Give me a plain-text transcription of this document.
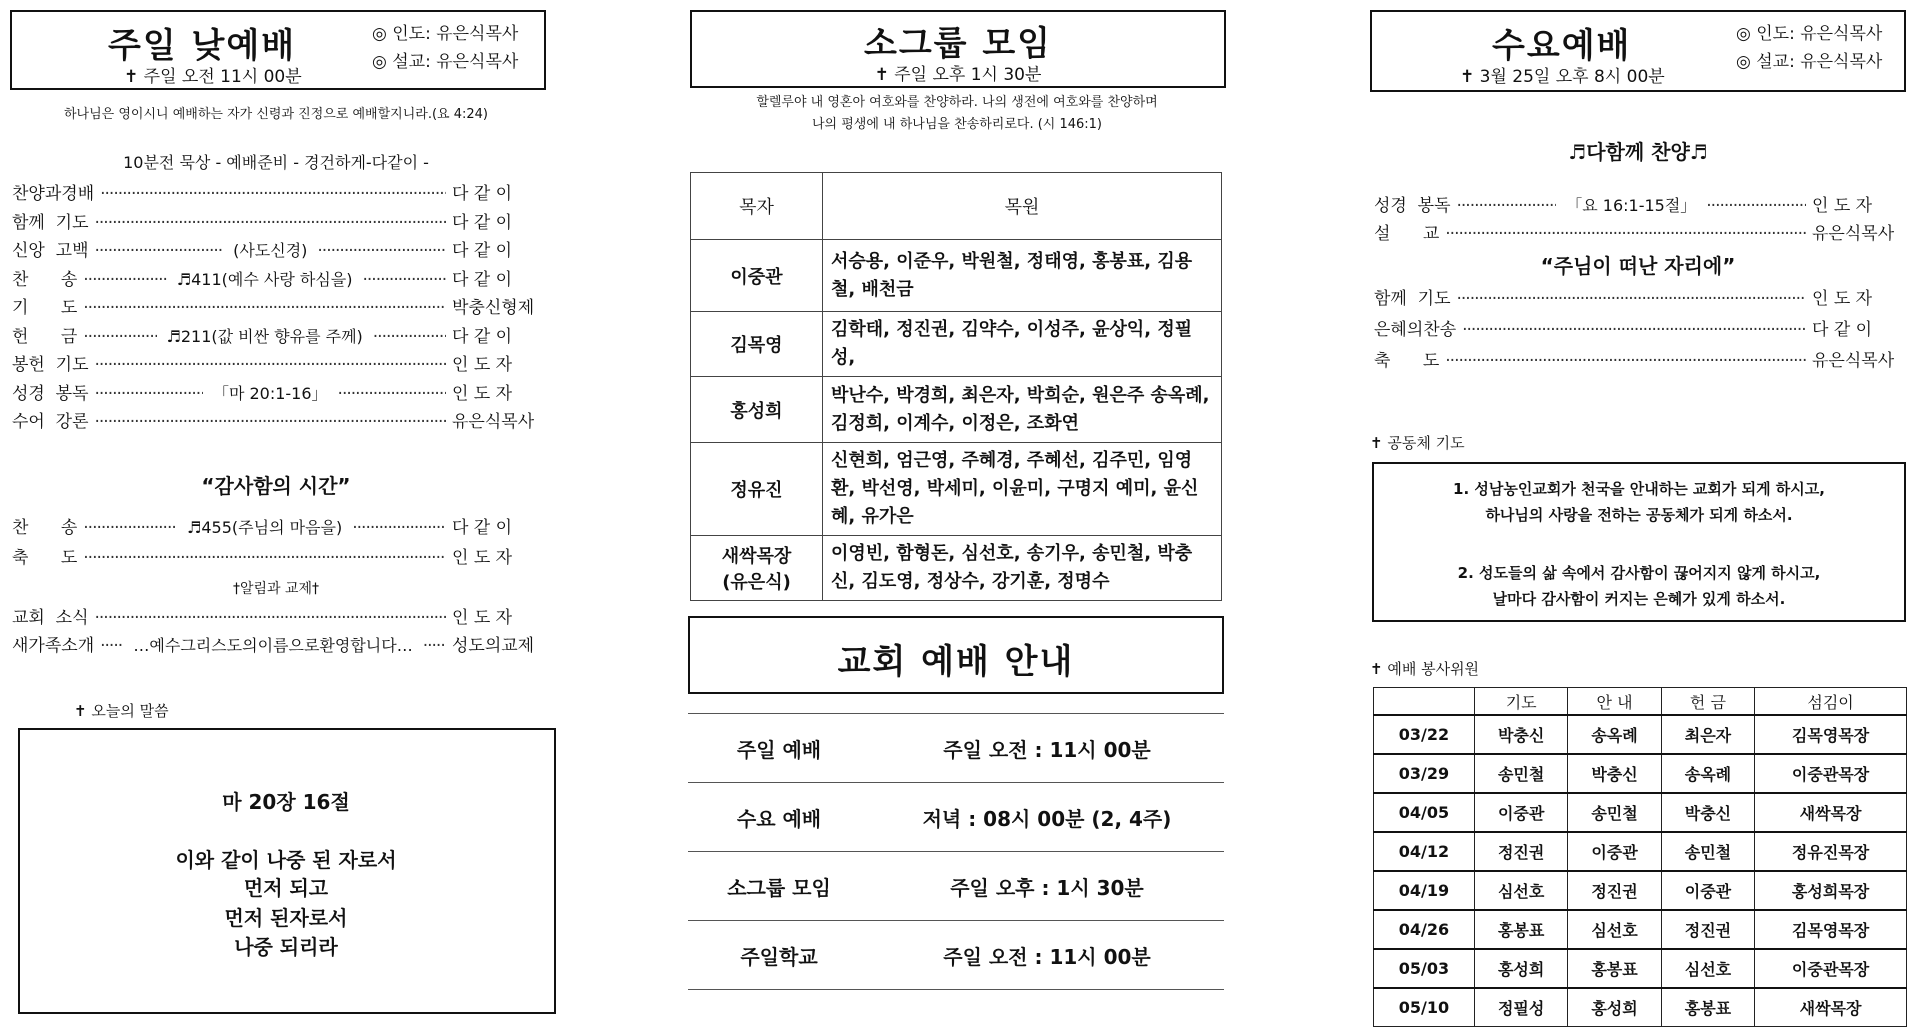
주일 낮예배
✝ 주일 오전 11시 00분
◎ 인도: 유은식목사
◎ 설교: 유은식목사
하나님은 영이시니 예배하는 자가 신령과 진정으로 예배할지니라.(요 4:24)
10분전 묵상 - 예배준비 - 경건하게-다같이 -
찬양과경배 ·····	다 같 이
함께  기도 ·····	다 같 이
신앙  고백 ·····	(사도신경) ·····	다 같 이
찬      송 ·····	♬411(예수 사랑 하심을) ·····	다 같 이
기      도 ·····	박충신형제
헌      금 ·····	♬211(값 비싼 향유를 주께) ·····	다 같 이
봉헌  기도 ·····	인 도 자
성경  봉독 ·····	「마 20:1-16」 ·····	인 도 자
수어  강론 ·····	유은식목사
“감사함의 시간”
찬      송 ·····	♬455(주님의 마음을) ·····	다 같 이
축      도 ·····	인 도 자
†알림과 교제†
교회  소식 ·····	인 도 자
새가족소개 ····· …예수그리스도의이름으로환영합니다… ····· 성도의교제
✝ 오늘의 말씀
마 20장 16절
이와 같이 나중 된 자로서
먼저 되고
먼저 된자로서
나중 되리라
소그룹 모임
✝ 주일 오후 1시 30분
할렐루야 내 영혼아 여호와를 찬양하라. 나의 생전에 여호와를 찬양하며
나의 평생에 내 하나님을 찬송하리로다. (시 146:1)
목자	목원
이중관	서승용, 이준우, 박원철, 정태영, 홍봉표, 김용철, 배천금
김목영	김학태, 정진권, 김약수, 이성주, 윤상익, 정필성,
홍성희	박난수, 박경희, 최은자, 박희순, 원은주 송옥례, 김정희, 이계수, 이정은, 조화연
정유진	신현희, 엄근영, 주혜경, 주혜선, 김주민, 임영환, 박선영, 박세미, 이윤미, 구명지 예미, 윤신혜, 유가은
새싹목장
(유은식)	이영빈, 함형돈, 심선호, 송기우, 송민철, 박충신, 김도영, 정상수, 강기훈, 정명수
교회 예배 안내
주일 예배	주일 오전 : 11시 00분
수요 예배	저녁 : 08시 00분 (2, 4주)
소그룹 모임	주일 오후 : 1시 30분
주일학교	주일 오전 : 11시 00분
수요예배
✝ 3월 25일 오후 8시 00분
◎ 인도: 유은식목사
◎ 설교: 유은식목사
♬다함께 찬양♬
성경  봉독 ·····	「요 16:1-15절」 ·····	인 도 자
설      교 ·····	유은식목사
“주님이 떠난 자리에”
함께  기도 ·····	인 도 자
은혜의찬송 ·····	다 같 이
축      도 ·····	유은식목사
✝ 공동체 기도
1. 성남농인교회가 천국을 안내하는 교회가 되게 하시고,
하나님의 사랑을 전하는 공동체가 되게 하소서.
2. 성도들의 삶 속에서 감사함이 끊어지지 않게 하시고,
날마다 감사함이 커지는 은혜가 있게 하소서.
✝ 예배 봉사위원
	기도	안 내	헌 금	섬김이
03/22	박충신	송옥례	최은자	김목영목장
03/29	송민철	박충신	송옥례	이중관목장
04/05	이중관	송민철	박충신	새싹목장
04/12	정진권	이중관	송민철	정유진목장
04/19	심선호	정진권	이중관	홍성희목장
04/26	홍봉표	심선호	정진권	김목영목장
05/03	홍성희	홍봉표	심선호	이중관목장
05/10	정필성	홍성희	홍봉표	새싹목장
